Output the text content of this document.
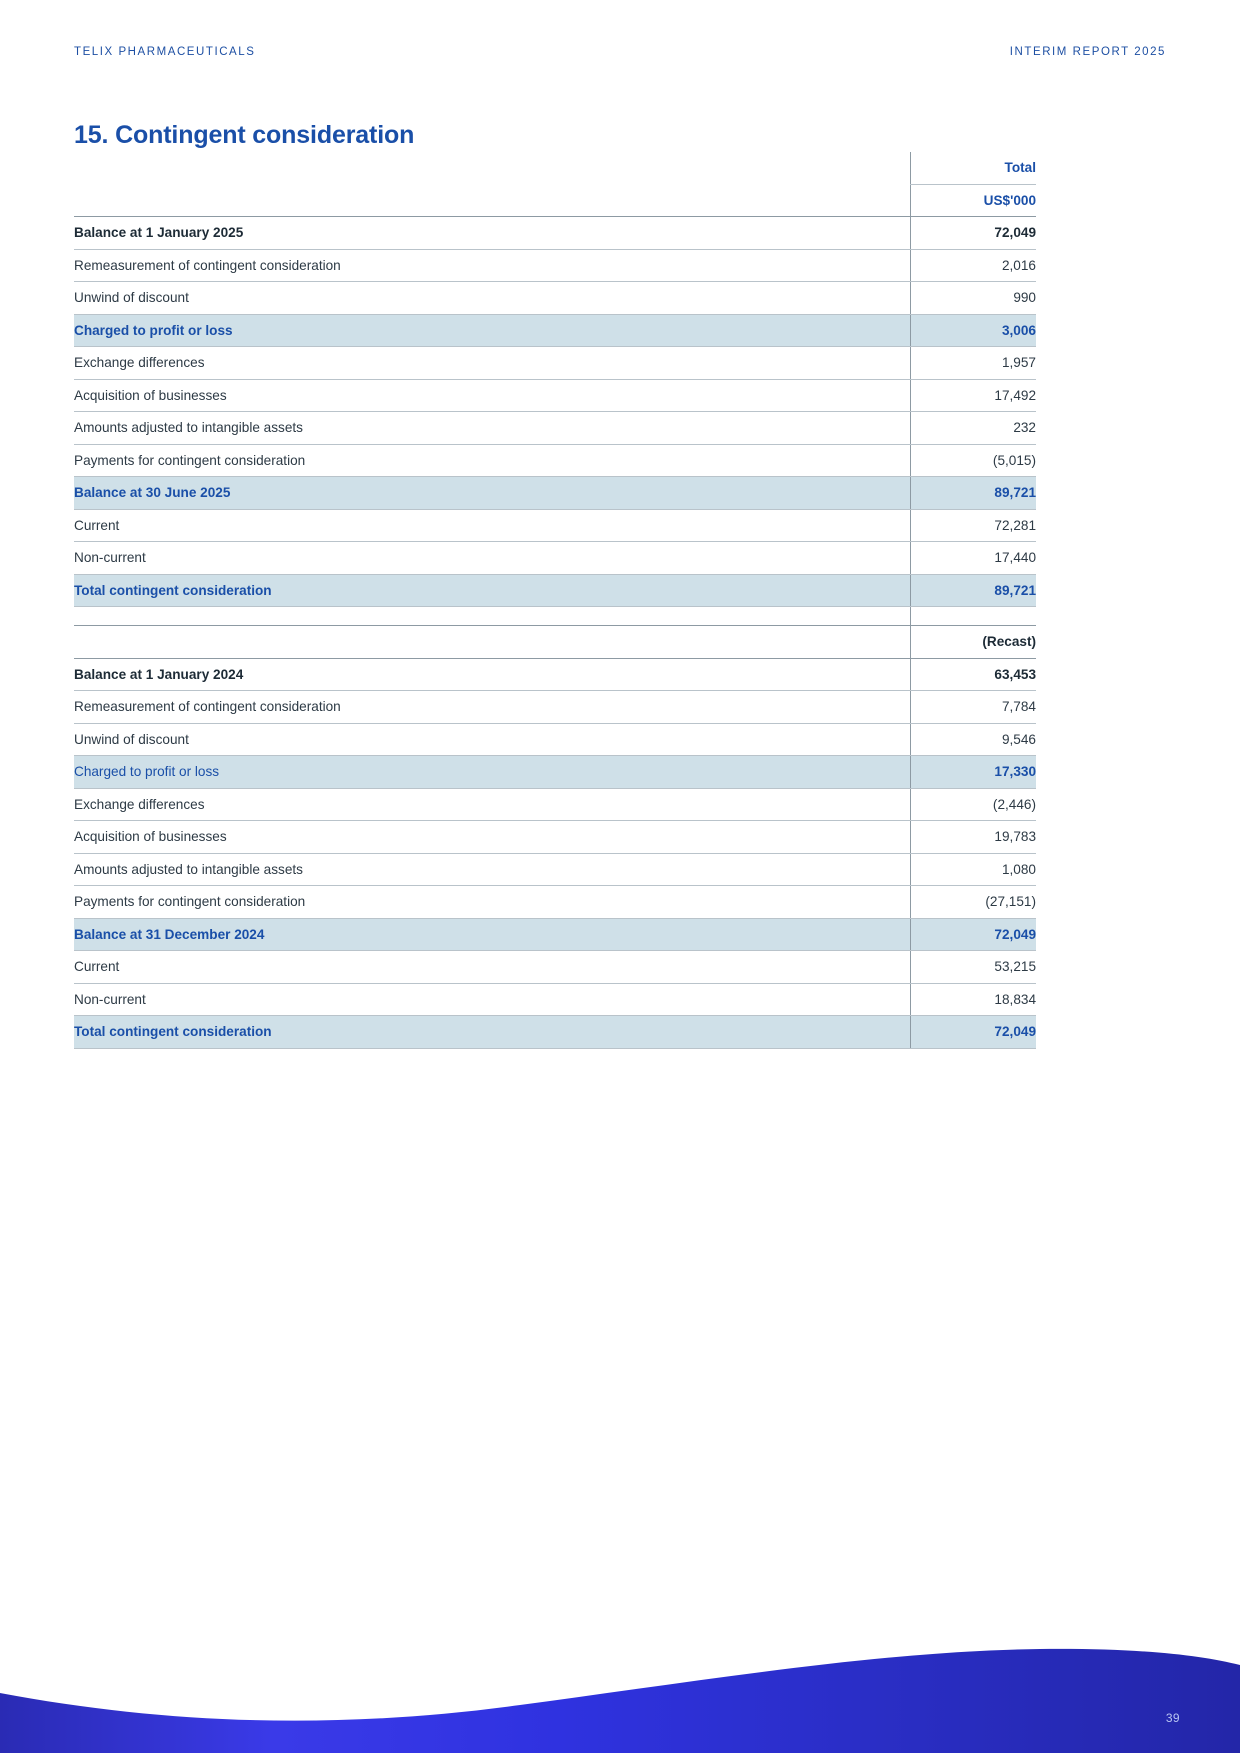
TELIX PHARMACEUTICALS	INTERIM REPORT 2025
15. Contingent consideration
	Total
	US$'000
Balance at 1 January 2025	72,049
Remeasurement of contingent consideration	2,016
Unwind of discount	990
Charged to profit or loss	3,006
Exchange differences	1,957
Acquisition of businesses	17,492
Amounts adjusted to intangible assets	232
Payments for contingent consideration	(5,015)
Balance at 30 June 2025	89,721
Current	72,281
Non-current	17,440
Total contingent consideration	89,721

	(Recast)
Balance at 1 January 2024	63,453
Remeasurement of contingent consideration	7,784
Unwind of discount	9,546
Charged to profit or loss	17,330
Exchange differences	(2,446)
Acquisition of businesses	19,783
Amounts adjusted to intangible assets	1,080
Payments for contingent consideration	(27,151)
Balance at 31 December 2024	72,049
Current	53,215
Non-current	18,834
Total contingent consideration	72,049
39
